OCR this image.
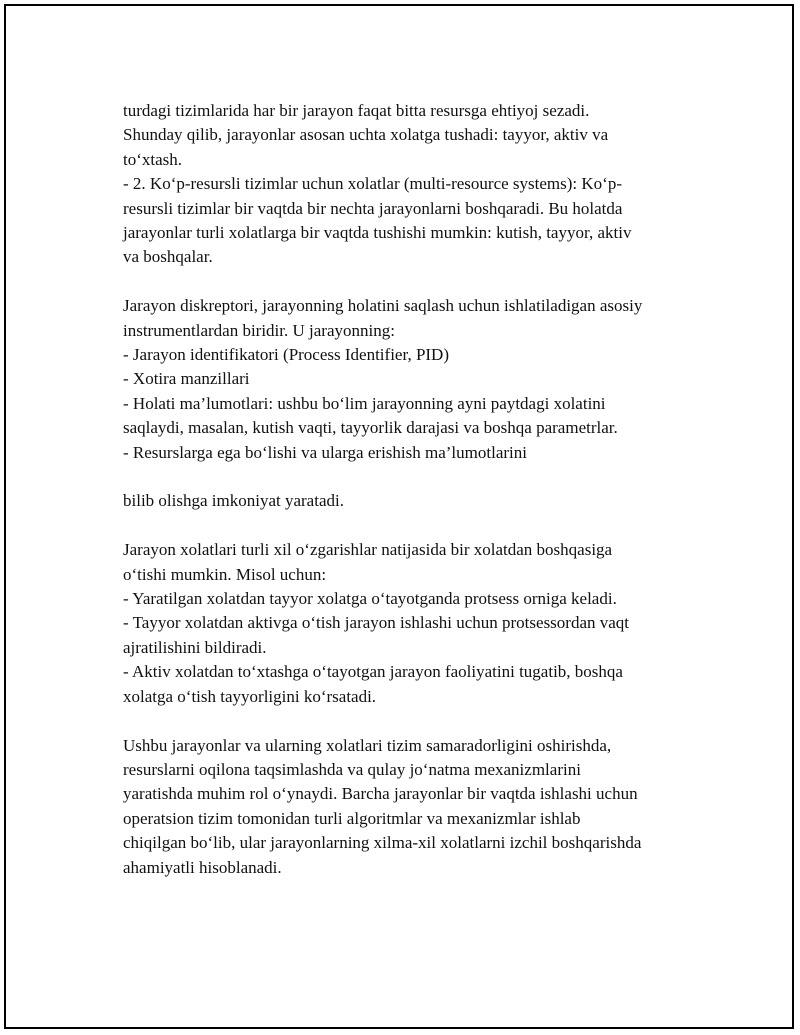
turdagi tizimlarida har bir jarayon faqat bitta resursga ehtiyoj sezadi.
Shunday qilib, jarayonlar asosan uchta xolatga tushadi: tayyor, aktiv va
to‘xtash.
- 2. Ko‘p-resursli tizimlar uchun xolatlar (multi-resource systems): Ko‘p-
resursli tizimlar bir vaqtda bir nechta jarayonlarni boshqaradi. Bu holatda
jarayonlar turli xolatlarga bir vaqtda tushishi mumkin: kutish, tayyor, aktiv
va boshqalar.

Jarayon diskreptori, jarayonning holatini saqlash uchun ishlatiladigan asosiy
instrumentlardan biridir. U jarayonning:
- Jarayon identifikatori (Process Identifier, PID)
- Xotira manzillari
- Holati ma’lumotlari: ushbu bo‘lim jarayonning ayni paytdagi xolatini
saqlaydi, masalan, kutish vaqti, tayyorlik darajasi va boshqa parametrlar.
- Resurslarga ega bo‘lishi va ularga erishish ma’lumotlarini

bilib olishga imkoniyat yaratadi.

Jarayon xolatlari turli xil o‘zgarishlar natijasida bir xolatdan boshqasiga
o‘tishi mumkin. Misol uchun:
- Yaratilgan xolatdan tayyor xolatga o‘tayotganda protsess orniga keladi.
- Tayyor xolatdan aktivga o‘tish jarayon ishlashi uchun protsessordan vaqt
ajratilishini bildiradi.
- Aktiv xolatdan to‘xtashga o‘tayotgan jarayon faoliyatini tugatib, boshqa
xolatga o‘tish tayyorligini ko‘rsatadi.

Ushbu jarayonlar va ularning xolatlari tizim samaradorligini oshirishda,
resurslarni oqilona taqsimlashda va qulay jo‘natma mexanizmlarini
yaratishda muhim rol o‘ynaydi. Barcha jarayonlar bir vaqtda ishlashi uchun
operatsion tizim tomonidan turli algoritmlar va mexanizmlar ishlab
chiqilgan bo‘lib, ular jarayonlarning xilma-xil xolatlarni izchil boshqarishda
ahamiyatli hisoblanadi.
